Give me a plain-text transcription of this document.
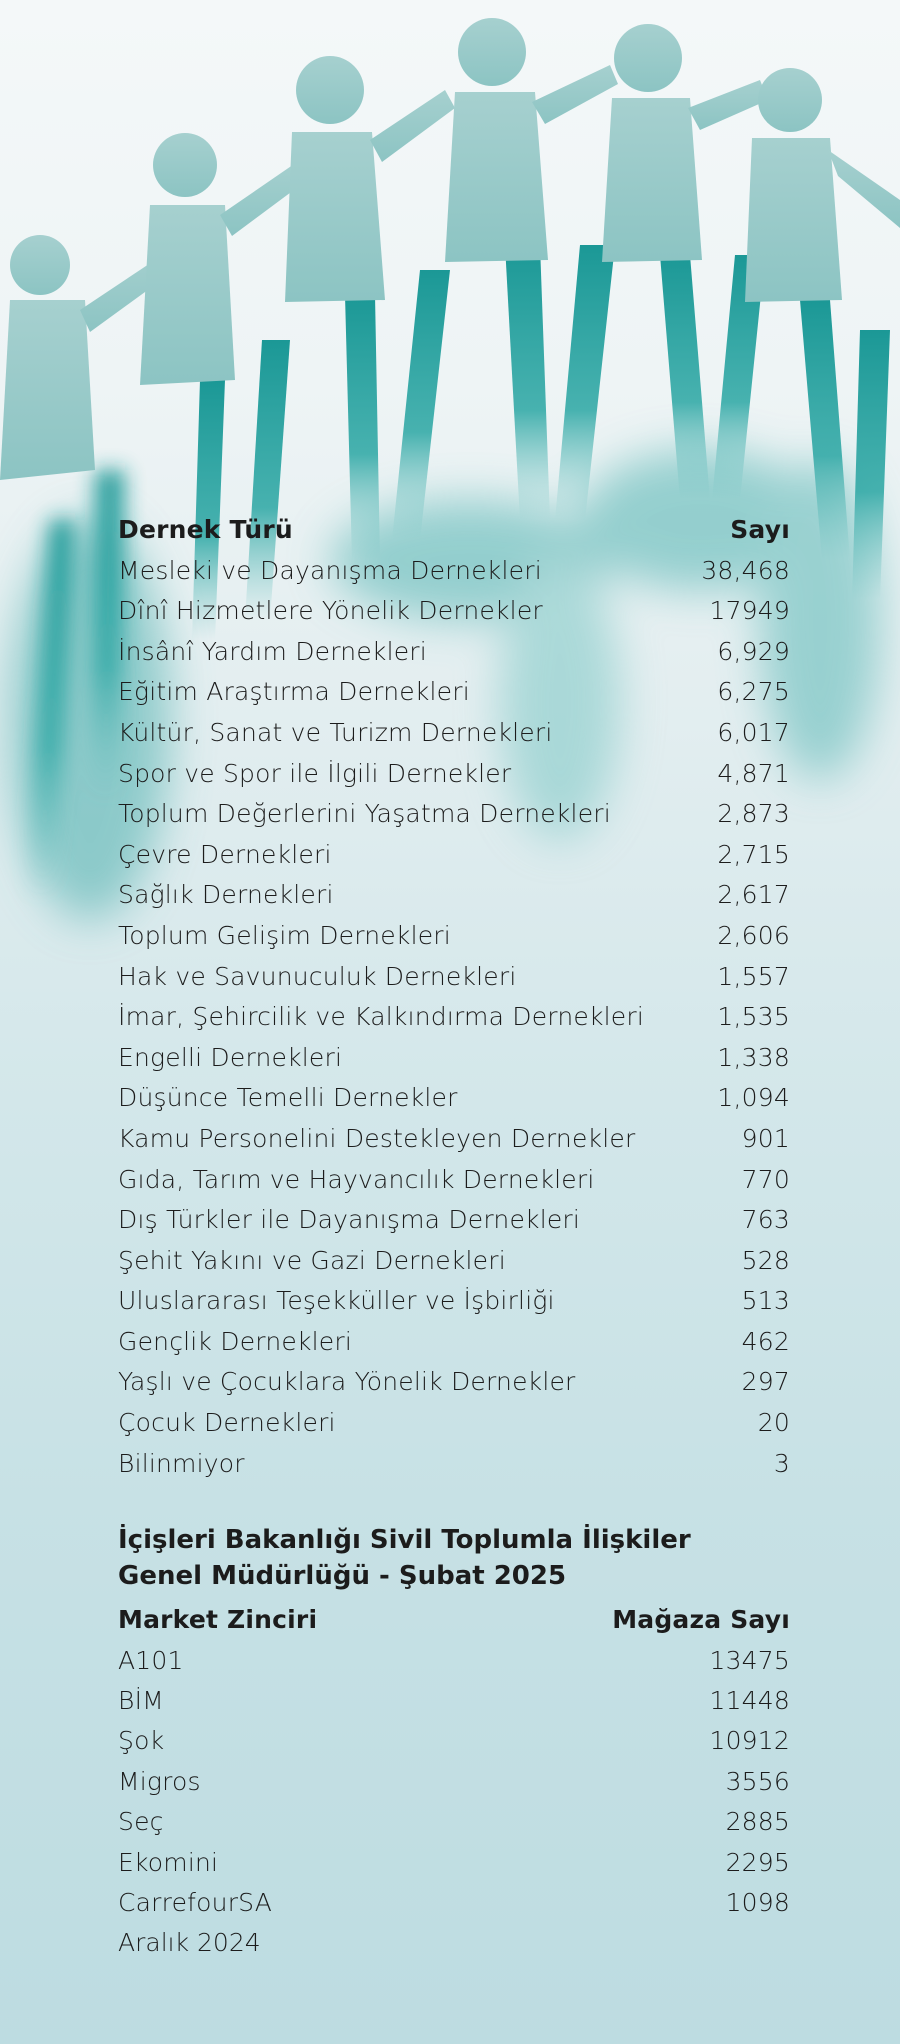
Dernek Türü	Sayı
Mesleki ve Dayanışma Dernekleri	38,468
Dînî Hizmetlere Yönelik Dernekler	17949
İnsânî Yardım Dernekleri	6,929
Eğitim Araştırma Dernekleri	6,275
Kültür, Sanat ve Turizm Dernekleri	6,017
Spor ve Spor ile İlgili Dernekler	4,871
Toplum Değerlerini Yaşatma Dernekleri	2,873
Çevre Dernekleri	2,715
Sağlık Dernekleri	2,617
Toplum Gelişim Dernekleri	2,606
Hak ve Savunuculuk Dernekleri	1,557
İmar, Şehircilik ve Kalkındırma Dernekleri	1,535
Engelli Dernekleri	1,338
Düşünce Temelli Dernekler	1,094
Kamu Personelini Destekleyen Dernekler	901
Gıda, Tarım ve Hayvancılık Dernekleri	770
Dış Türkler ile Dayanışma Dernekleri	763
Şehit Yakını ve Gazi Dernekleri	528
Uluslararası Teşekküller ve İşbirliği	513
Gençlik Dernekleri	462
Yaşlı ve Çocuklara Yönelik Dernekler	297
Çocuk Dernekleri	20
Bilinmiyor	3
İçişleri Bakanlığı Sivil Toplumla İlişkiler
Genel Müdürlüğü - Şubat 2025
Market Zinciri	Mağaza Sayı
A101	13475
BİM	11448
Şok	10912
Migros	3556
Seç	2885
Ekomini	2295
CarrefourSA	1098
Aralık 2024
